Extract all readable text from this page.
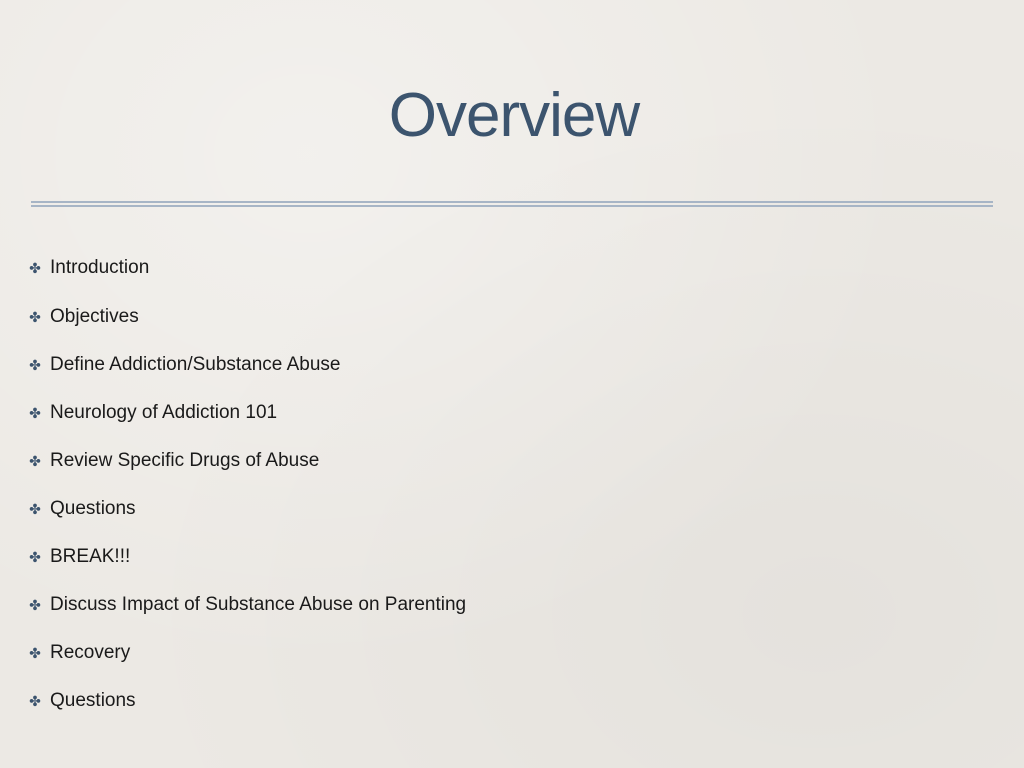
Overview
✤ Introduction
✤ Objectives
✤ Define Addiction/Substance Abuse
✤ Neurology of Addiction 101
✤ Review Specific Drugs of Abuse
✤ Questions
✤ BREAK!!!
✤ Discuss Impact of Substance Abuse on Parenting
✤ Recovery
✤ Questions
